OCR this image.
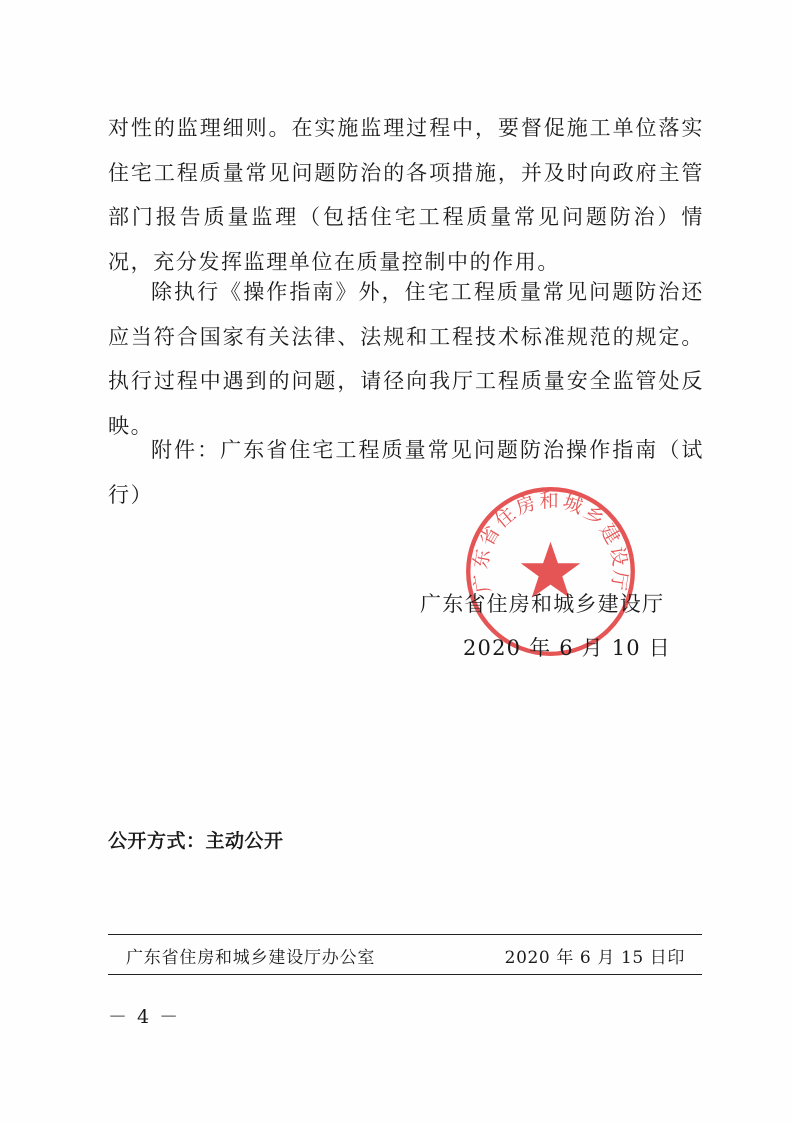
对性的监理细则。在实施监理过程中，要督促施工单位落实住宅工程质量常见问题防治的各项措施，并及时向政府主管部门报告质量监理（包括住宅工程质量常见问题防治）情况，充分发挥监理单位在质量控制中的作用。

除执行《操作指南》外，住宅工程质量常见问题防治还应当符合国家有关法律、法规和工程技术标准规范的规定。执行过程中遇到的问题，请径向我厅工程质量安全监管处反映。

附件：广东省住宅工程质量常见问题防治操作指南（试行）

广东省住房和城乡建设厅

广东省住房和城乡建设厅

2020 年 6 月 10 日

公开方式：主动公开

广东省住房和城乡建设厅办公室	2020 年 6 月 15 日印

－ 4 －
